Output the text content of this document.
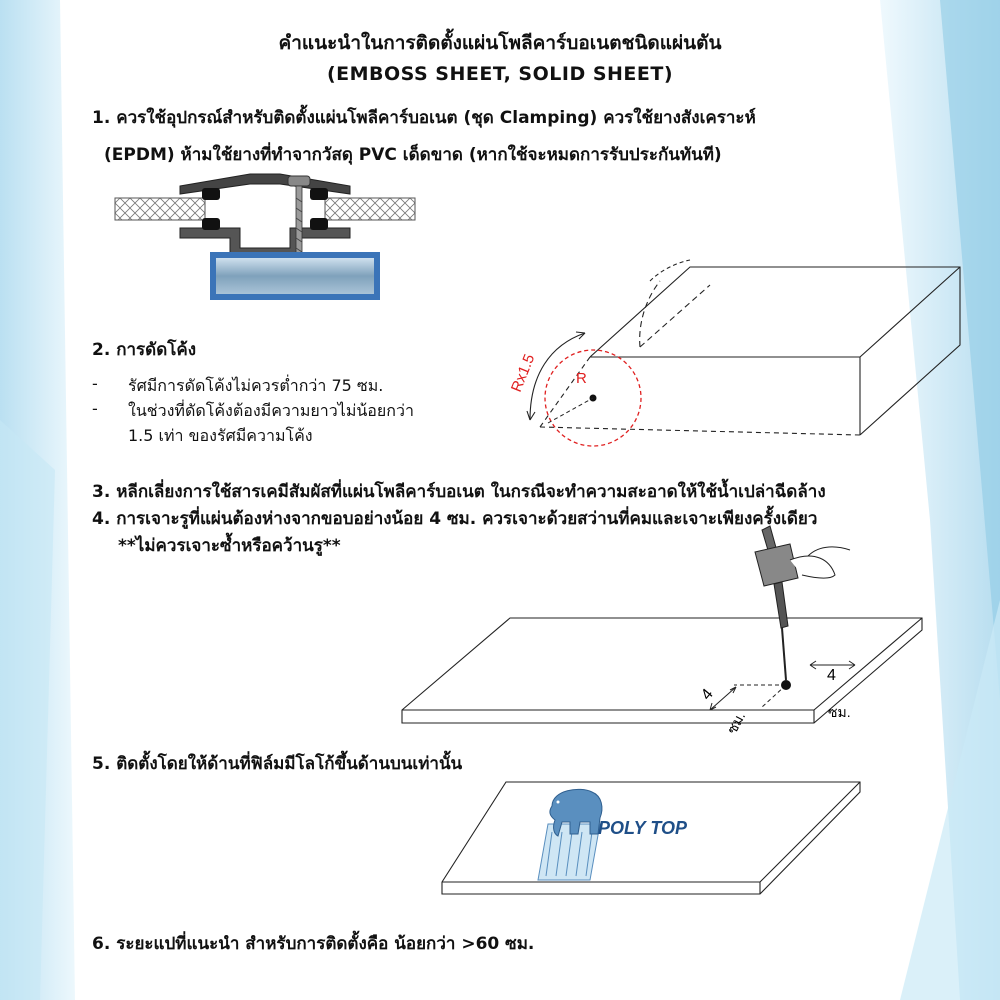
คำแนะนำในการติดตั้งแผ่นโพลีคาร์บอเนตชนิดแผ่นตัน
(EMBOSS SHEET, SOLID SHEET)
1. ควรใช้อุปกรณ์สำหรับติดตั้งแผ่นโพลีคาร์บอเนต (ชุด Clamping) ควรใช้ยางสังเคราะห์
(EPDM) ห้ามใช้ยางที่ทำจากวัสดุ PVC เด็ดขาด (หากใช้จะหมดการรับประกันทันที)
2. การดัดโค้ง
- รัศมีการดัดโค้งไม่ควรต่ำกว่า 75 ซม.
- ในช่วงที่ดัดโค้งต้องมีความยาวไม่น้อยกว่า
1.5 เท่า ของรัศมีความโค้ง
Rx1.5	R
3. หลีกเลี่ยงการใช้สารเคมีสัมผัสที่แผ่นโพลีคาร์บอเนต ในกรณีจะทำความสะอาดให้ใช้น้ำเปล่าฉีดล้าง
4. การเจาะรูที่แผ่นต้องห่างจากขอบอย่างน้อย 4 ซม. ควรเจาะด้วยสว่านที่คมและเจาะเพียงครั้งเดียว
**ไม่ควรเจาะซ้ำหรือคว้านรู**
4
ซม.
4
ซม.
5. ติดตั้งโดยให้ด้านที่ฟิล์มมีโลโก้ขึ้นด้านบนเท่านั้น
POLY TOP
6. ระยะแปที่แนะนำ สำหรับการติดตั้งคือ น้อยกว่า >60 ซม.
